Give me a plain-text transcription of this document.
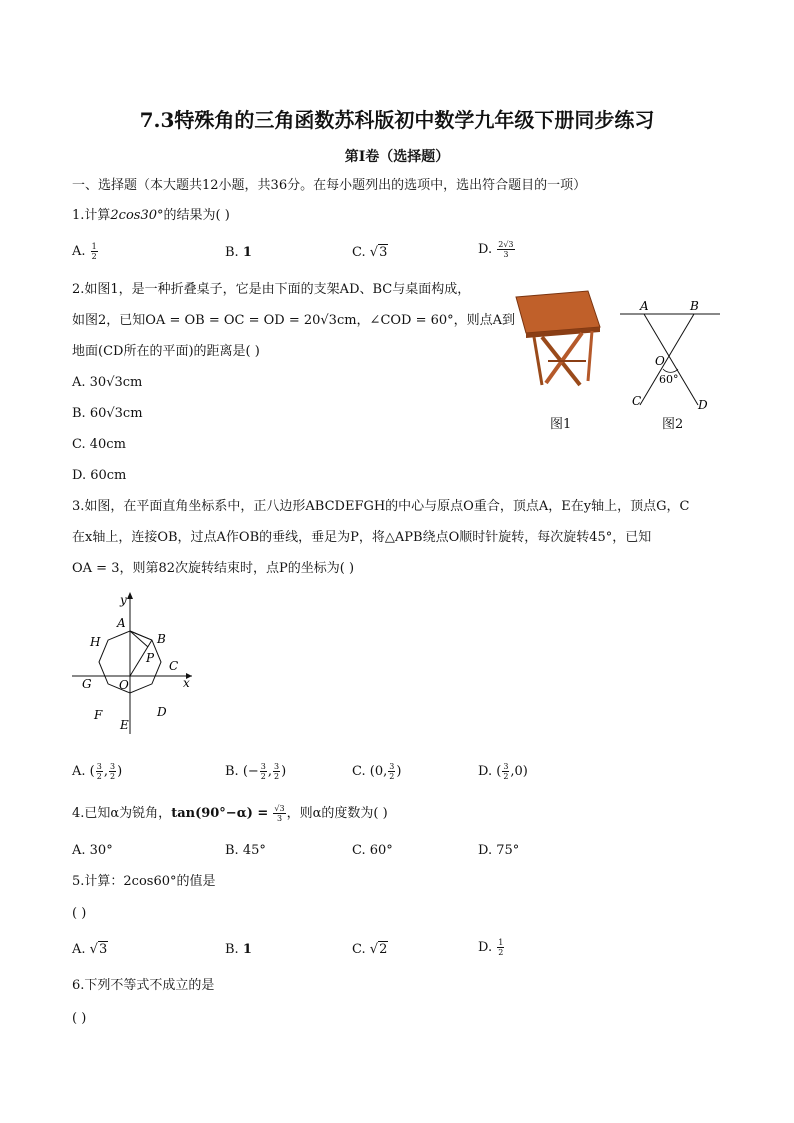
7.3特殊角的三角函数苏科版初中数学九年级下册同步练习
第I卷（选择题）
一、选择题（本大题共12小题，共36分。在每小题列出的选项中，选出符合题目的一项）
1.计算2cos30°的结果为( )
A. $\frac{1}{2}$	B. 1	C. √3	D. $\frac{2√3}{3}$
2.如图1，是一种折叠桌子，它是由下面的支架AD、BC与桌面构成，
如图2，已知OA = OB = OC = OD = 20√3cm，∠COD = 60°，则点A到
地面(CD所在的平面)的距离是( )
A. 30√3cm
B. 60√3cm
C. 40cm
D. 60cm
图1
A	B
O
60°
C	D
图2
3.如图，在平面直角坐标系中，正八边形ABCDEFGH的中心与原点O重合，顶点A，E在y轴上，顶点G，C
在x轴上，连接OB，过点A作OB的垂线，垂足为P，将△APB绕点O顺时针旋转，每次旋转45°，已知
OA = 3，则第82次旋转结束时，点P的坐标为( )
y
x
A
B
P
C
D
E
F
G
H
O
A. ( $\frac{3}{2}$ , $\frac{3}{2}$ )	B. (− $\frac{3}{2}$ , $\frac{3}{2}$ )	C. (0, $\frac{3}{2}$ )	D. ( $\frac{3}{2} ,0$)
4.已知α为锐角，$\tan(90^\circ-\alpha) = \frac{√3}{3}$ ，则α的度数为( )
A. 30°	B. 45°	C. 60°	D. 75°
5.计算：2cos60°的值是
( )
A. √3	B. 1	C. √2	D. $\frac{1}{2}$
6.下列不等式不成立的是
( )
